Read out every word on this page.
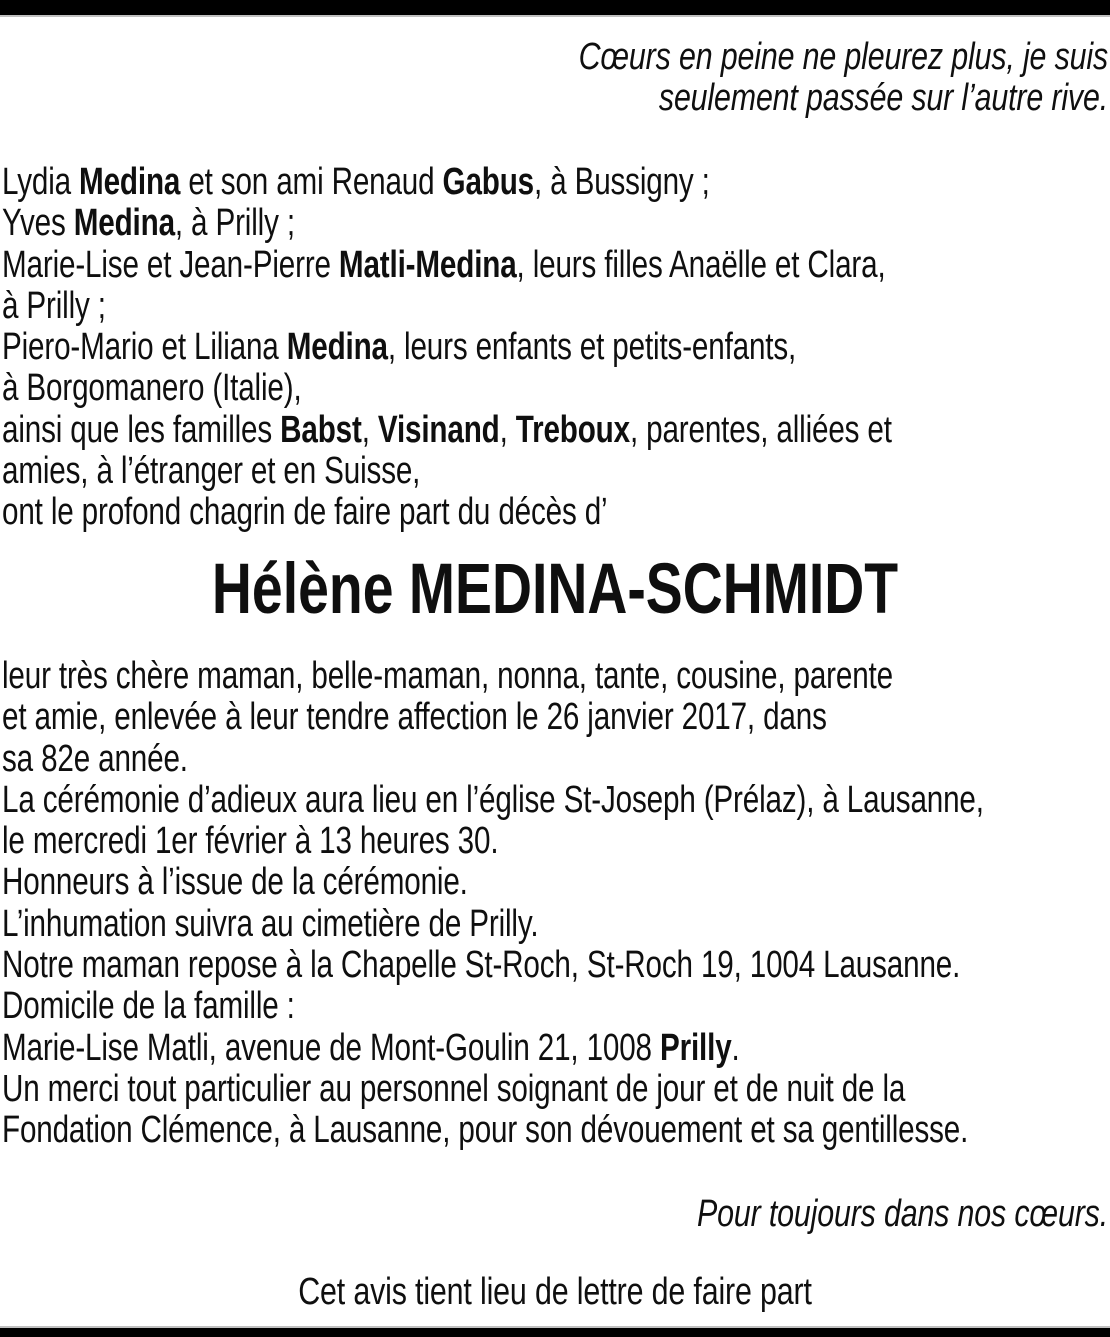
Cœurs en peine ne pleurez plus, je suis
seulement passée sur l’autre rive.
Lydia Medina et son ami Renaud Gabus, à Bussigny ;
Yves Medina, à Prilly ;
Marie-Lise et Jean-Pierre Matli-Medina, leurs filles Anaëlle et Clara,
à Prilly ;
Piero-Mario et Liliana Medina, leurs enfants et petits-enfants,
à Borgomanero (Italie),
ainsi que les familles Babst, Visinand, Treboux, parentes, alliées et
amies, à l’étranger et en Suisse,
ont le profond chagrin de faire part du décès d’
Hélène MEDINA-SCHMIDT
leur très chère maman, belle-maman, nonna, tante, cousine, parente
et amie, enlevée à leur tendre affection le 26 janvier 2017, dans
sa 82e année.
La cérémonie d’adieux aura lieu en l’église St-Joseph (Prélaz), à Lausanne,
le mercredi 1er février à 13 heures 30.
Honneurs à l’issue de la cérémonie.
L’inhumation suivra au cimetière de Prilly.
Notre maman repose à la Chapelle St-Roch, St-Roch 19, 1004 Lausanne.
Domicile de la famille :
Marie-Lise Matli, avenue de Mont-Goulin 21, 1008 Prilly.
Un merci tout particulier au personnel soignant de jour et de nuit de la
Fondation Clémence, à Lausanne, pour son dévouement et sa gentillesse.
Pour toujours dans nos cœurs.
Cet avis tient lieu de lettre de faire part
